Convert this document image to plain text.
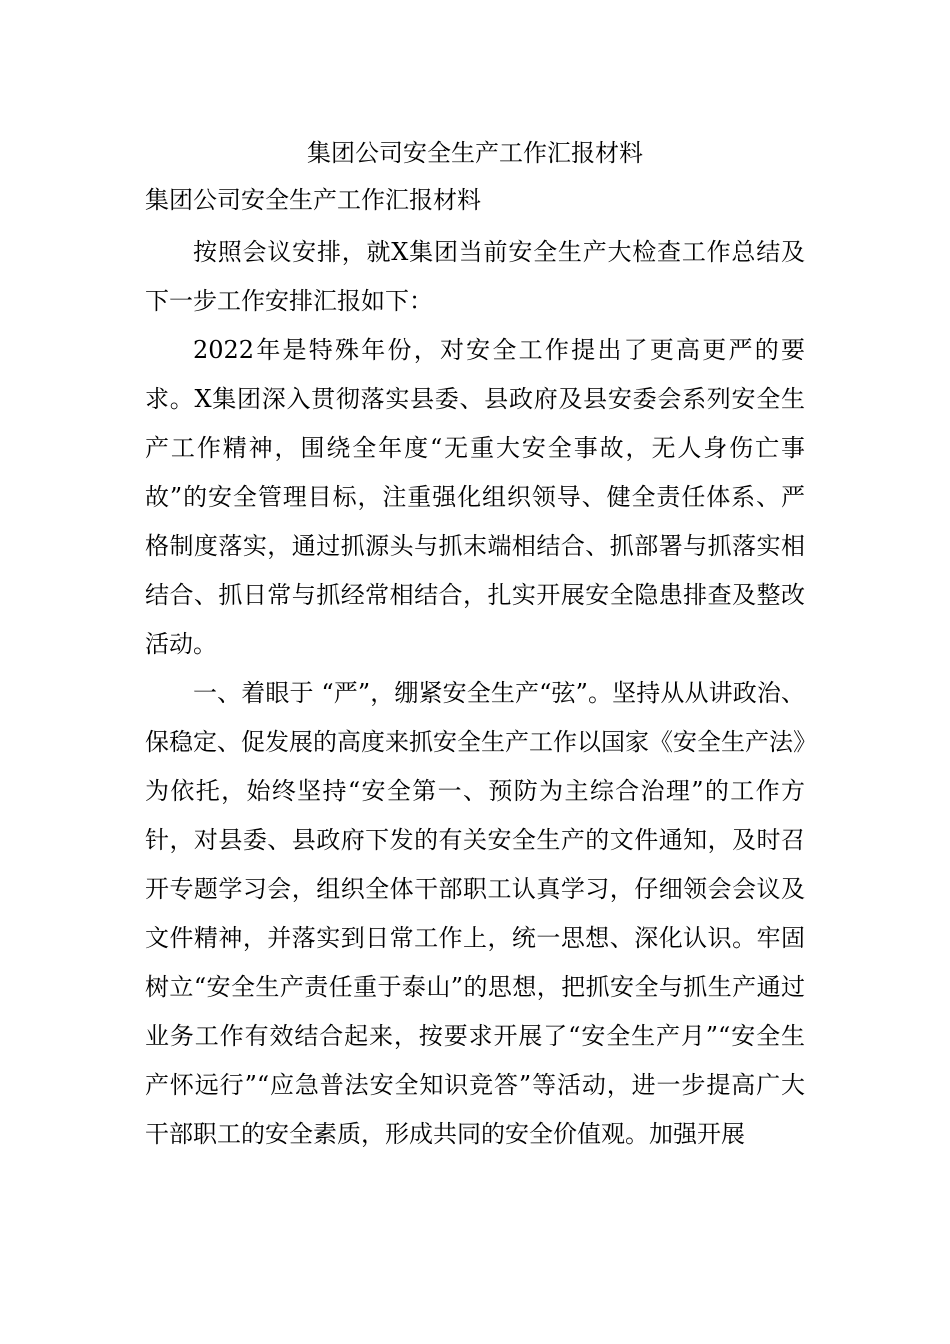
集团公司安全生产工作汇报材料
集团公司安全生产工作汇报材料

按照会议安排，就X集团当前安全生产大检查工作总结及下一步工作安排汇报如下：

2022年是特殊年份，对安全工作提出了更高更严的要求。X集团深入贯彻落实县委、县政府及县安委会系列安全生产工作精神，围绕全年度“无重大安全事故，无人身伤亡事故”的安全管理目标，注重强化组织领导、健全责任体系、严格制度落实，通过抓源头与抓末端相结合、抓部署与抓落实相结合、抓日常与抓经常相结合，扎实开展安全隐患排查及整改活动。

一、着眼于 “严”，绷紧安全生产“弦”。坚持从从讲政治、保稳定、促发展的高度来抓安全生产工作以国家《安全生产法》为依托，始终坚持“安全第一、预防为主综合治理”的工作方针，对县委、县政府下发的有关安全生产的文件通知，及时召开专题学习会，组织全体干部职工认真学习，仔细领会会议及文件精神，并落实到日常工作上，统一思想、深化认识。牢固树立“安全生产责任重于泰山”的思想，把抓安全与抓生产通过业务工作有效结合起来，按要求开展了“安全生产月”“安全生产怀远行”“应急普法安全知识竞答”等活动，进一步提高广大干部职工的安全素质，形成共同的安全价值观。加强开展
